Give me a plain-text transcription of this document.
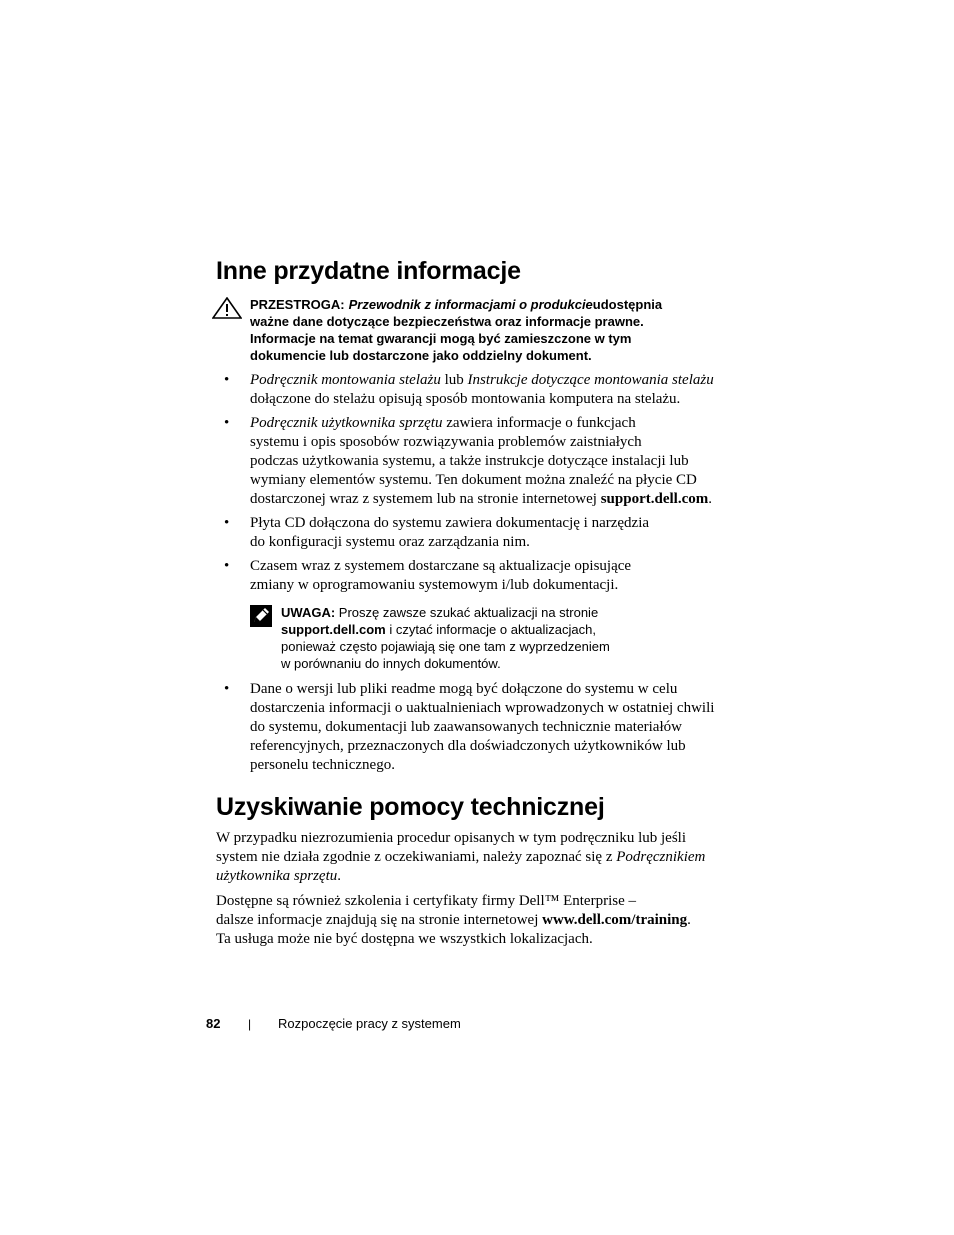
Inne przydatne informacje
PRZESTROGA: Przewodnik z informacjami o produkcieudostępnia
ważne dane dotyczące bezpieczeństwa oraz informacje prawne.
Informacje na temat gwarancji mogą być zamieszczone w tym
dokumencie lub dostarczone jako oddzielny dokument.
• Podręcznik montowania stelażu lub Instrukcje dotyczące montowania stelażu
dołączone do stelażu opisują sposób montowania komputera na stelażu.
• Podręcznik użytkownika sprzętu zawiera informacje o funkcjach
systemu i opis sposobów rozwiązywania problemów zaistniałych
podczas użytkowania systemu, a także instrukcje dotyczące instalacji lub
wymiany elementów systemu. Ten dokument można znaleźć na płycie CD
dostarczonej wraz z systemem lub na stronie internetowej support.dell.com.
• Płyta CD dołączona do systemu zawiera dokumentację i narzędzia
do konfiguracji systemu oraz zarządzania nim.
• Czasem wraz z systemem dostarczane są aktualizacje opisujące
zmiany w oprogramowaniu systemowym i/lub dokumentacji.
UWAGA: Proszę zawsze szukać aktualizacji na stronie
support.dell.com i czytać informacje o aktualizacjach,
ponieważ często pojawiają się one tam z wyprzedzeniem
w porównaniu do innych dokumentów.
• Dane o wersji lub pliki readme mogą być dołączone do systemu w celu
dostarczenia informacji o uaktualnieniach wprowadzonych w ostatniej chwili
do systemu, dokumentacji lub zaawansowanych technicznie materiałów
referencyjnych, przeznaczonych dla doświadczonych użytkowników lub
personelu technicznego.
Uzyskiwanie pomocy technicznej

W przypadku niezrozumienia procedur opisanych w tym podręczniku lub jeśli
system nie działa zgodnie z oczekiwaniami, należy zapoznać się z Podręcznikiem
użytkownika sprzętu.

Dostępne są również szkolenia i certyfikaty firmy Dell™ Enterprise –
dalsze informacje znajdują się na stronie internetowej www.dell.com/training.
Ta usługa może nie być dostępna we wszystkich lokalizacjach.

82 | Rozpoczęcie pracy z systemem
